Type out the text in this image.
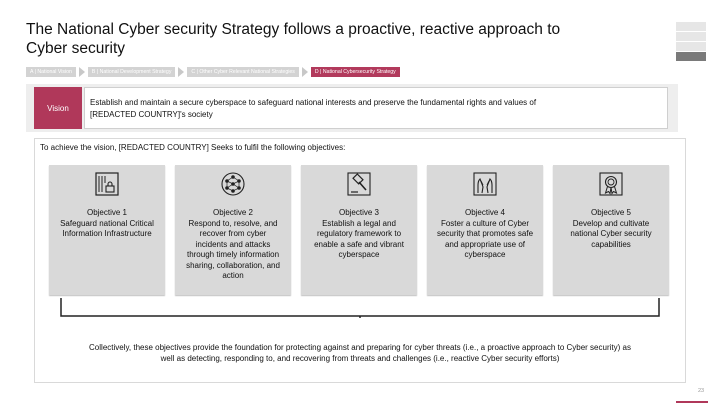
The National Cyber security Strategy follows a proactive, reactive approach to
Cyber security
A | National Vision	B | National Development Strategy	C | Other Cyber Relevant National Strategies	D | National Cybersecurity Strategy
Vision
Establish and maintain a secure cyberspace to safeguard national interests and preserve the fundamental rights and values of
[REDACTED COUNTRY]'s society
To achieve the vision, [REDACTED COUNTRY] Seeks to fulfil the following objectives:
Objective 1
Safeguard national Critical
Information Infrastructure
Objective 2
Respond to, resolve, and
recover from cyber
incidents and attacks
through timely information
sharing, collaboration, and
action
Objective 3
Establish a legal and
regulatory framework to
enable a safe and vibrant
cyberspace
Objective 4
Foster a culture of Cyber
security that promotes safe
and appropriate use of
cyberspace
Objective 5
Develop and cultivate
national Cyber security
capabilities
Collectively, these objectives provide the foundation for protecting against and preparing for cyber threats (i.e., a proactive approach to Cyber security) as
well as detecting, responding to, and recovering from threats and challenges (i.e., reactive Cyber security efforts)
23
